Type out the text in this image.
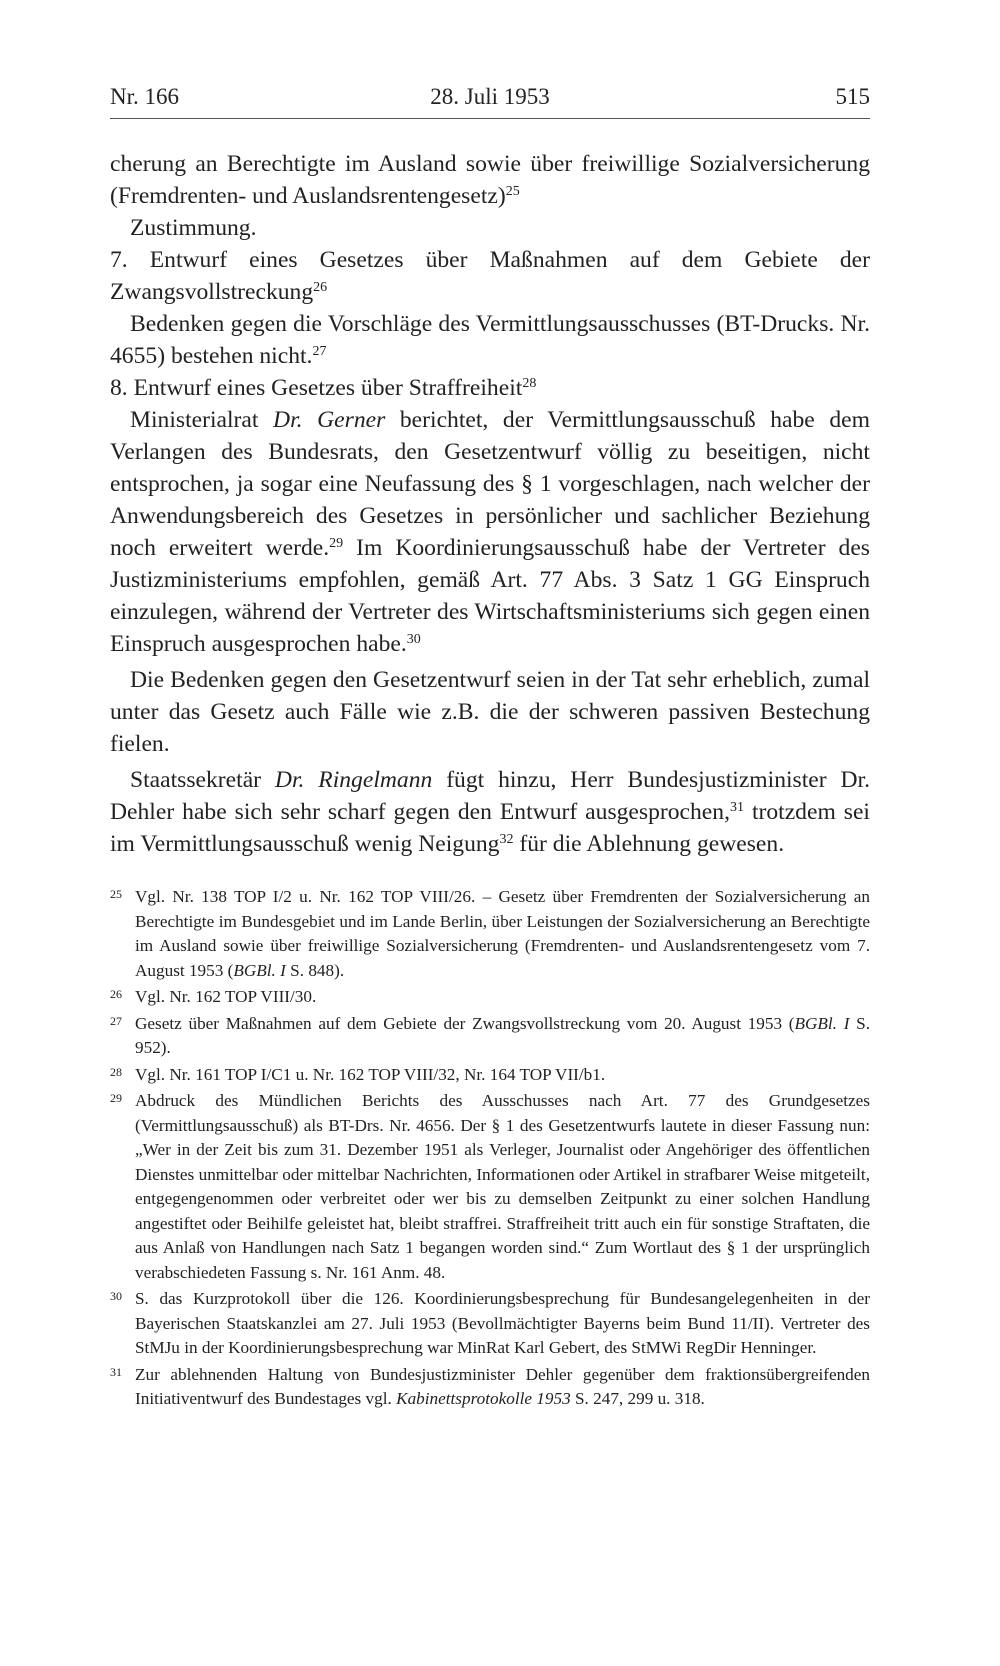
Nr. 166	28. Juli 1953	515

cherung an Berechtigte im Ausland sowie über freiwillige Sozialversicherung (Fremdrenten- und Auslandsrentengesetz)$^{25}$

Zustimmung.

7. Entwurf eines Gesetzes über Maßnahmen auf dem Gebiete der Zwangsvollstreckung$^{26}$

Bedenken gegen die Vorschläge des Vermittlungsausschusses (BT-Drucks. Nr. 4655) bestehen nicht.$^{27}$

8. Entwurf eines Gesetzes über Straffreiheit$^{28}$

Ministerialrat Dr. Gerner berichtet, der Vermittlungsausschuß habe dem Verlangen des Bundesrats, den Gesetzentwurf völlig zu beseitigen, nicht entsprochen, ja sogar eine Neufassung des § 1 vorgeschlagen, nach welcher der Anwendungsbereich des Gesetzes in persönlicher und sachlicher Beziehung noch erweitert werde.$^{29}$ Im Koordinierungsausschuß habe der Vertreter des Justizministeriums empfohlen, gemäß Art. 77 Abs. 3 Satz 1 GG Einspruch einzulegen, während der Vertreter des Wirtschaftsministeriums sich gegen einen Einspruch ausgesprochen habe.$^{30}$

Die Bedenken gegen den Gesetzentwurf seien in der Tat sehr erheblich, zumal unter das Gesetz auch Fälle wie z.B. die der schweren passiven Bestechung fielen.

Staatssekretär Dr. Ringelmann fügt hinzu, Herr Bundesjustizminister Dr. Dehler habe sich sehr scharf gegen den Entwurf ausgesprochen,$^{31}$ trotzdem sei im Vermittlungsausschuß wenig Neigung$^{32}$ für die Ablehnung gewesen.

25 Vgl. Nr. 138 TOP I/2 u. Nr. 162 TOP VIII/26. – Gesetz über Fremdrenten der Sozialversicherung an Berechtigte im Bundesgebiet und im Lande Berlin, über Leistungen der Sozialversicherung an Berechtigte im Ausland sowie über freiwillige Sozialversicherung (Fremdrenten- und Auslandsrentengesetz vom 7. August 1953 (BGBl. I S. 848).
26 Vgl. Nr. 162 TOP VIII/30.
27 Gesetz über Maßnahmen auf dem Gebiete der Zwangsvollstreckung vom 20. August 1953 (BGBl. I S. 952).
28 Vgl. Nr. 161 TOP I/C1 u. Nr. 162 TOP VIII/32, Nr. 164 TOP VII/b1.
29 Abdruck des Mündlichen Berichts des Ausschusses nach Art. 77 des Grundgesetzes (Vermittlungsausschuß) als BT-Drs. Nr. 4656. Der § 1 des Gesetzentwurfs lautete in dieser Fassung nun: „Wer in der Zeit bis zum 31. Dezember 1951 als Verleger, Journalist oder Angehöriger des öffentlichen Dienstes unmittelbar oder mittelbar Nachrichten, Informationen oder Artikel in strafbarer Weise mitgeteilt, entgegengenommen oder verbreitet oder wer bis zu demselben Zeitpunkt zu einer solchen Handlung angestiftet oder Beihilfe geleistet hat, bleibt straffrei. Straffreiheit tritt auch ein für sonstige Straftaten, die aus Anlaß von Handlungen nach Satz 1 begangen worden sind.“ Zum Wortlaut des § 1 der ursprünglich verabschiedeten Fassung s. Nr. 161 Anm. 48.
30 S. das Kurzprotokoll über die 126. Koordinierungsbesprechung für Bundesangelegenheiten in der Bayerischen Staatskanzlei am 27. Juli 1953 (Bevollmächtigter Bayerns beim Bund 11/II). Vertreter des StMJu in der Koordinierungsbesprechung war MinRat Karl Gebert, des StMWi RegDir Henninger.
31 Zur ablehnenden Haltung von Bundesjustizminister Dehler gegenüber dem fraktionsübergreifenden Initiativentwurf des Bundestages vgl. Kabinettsprotokolle 1953 S. 247, 299 u. 318.
